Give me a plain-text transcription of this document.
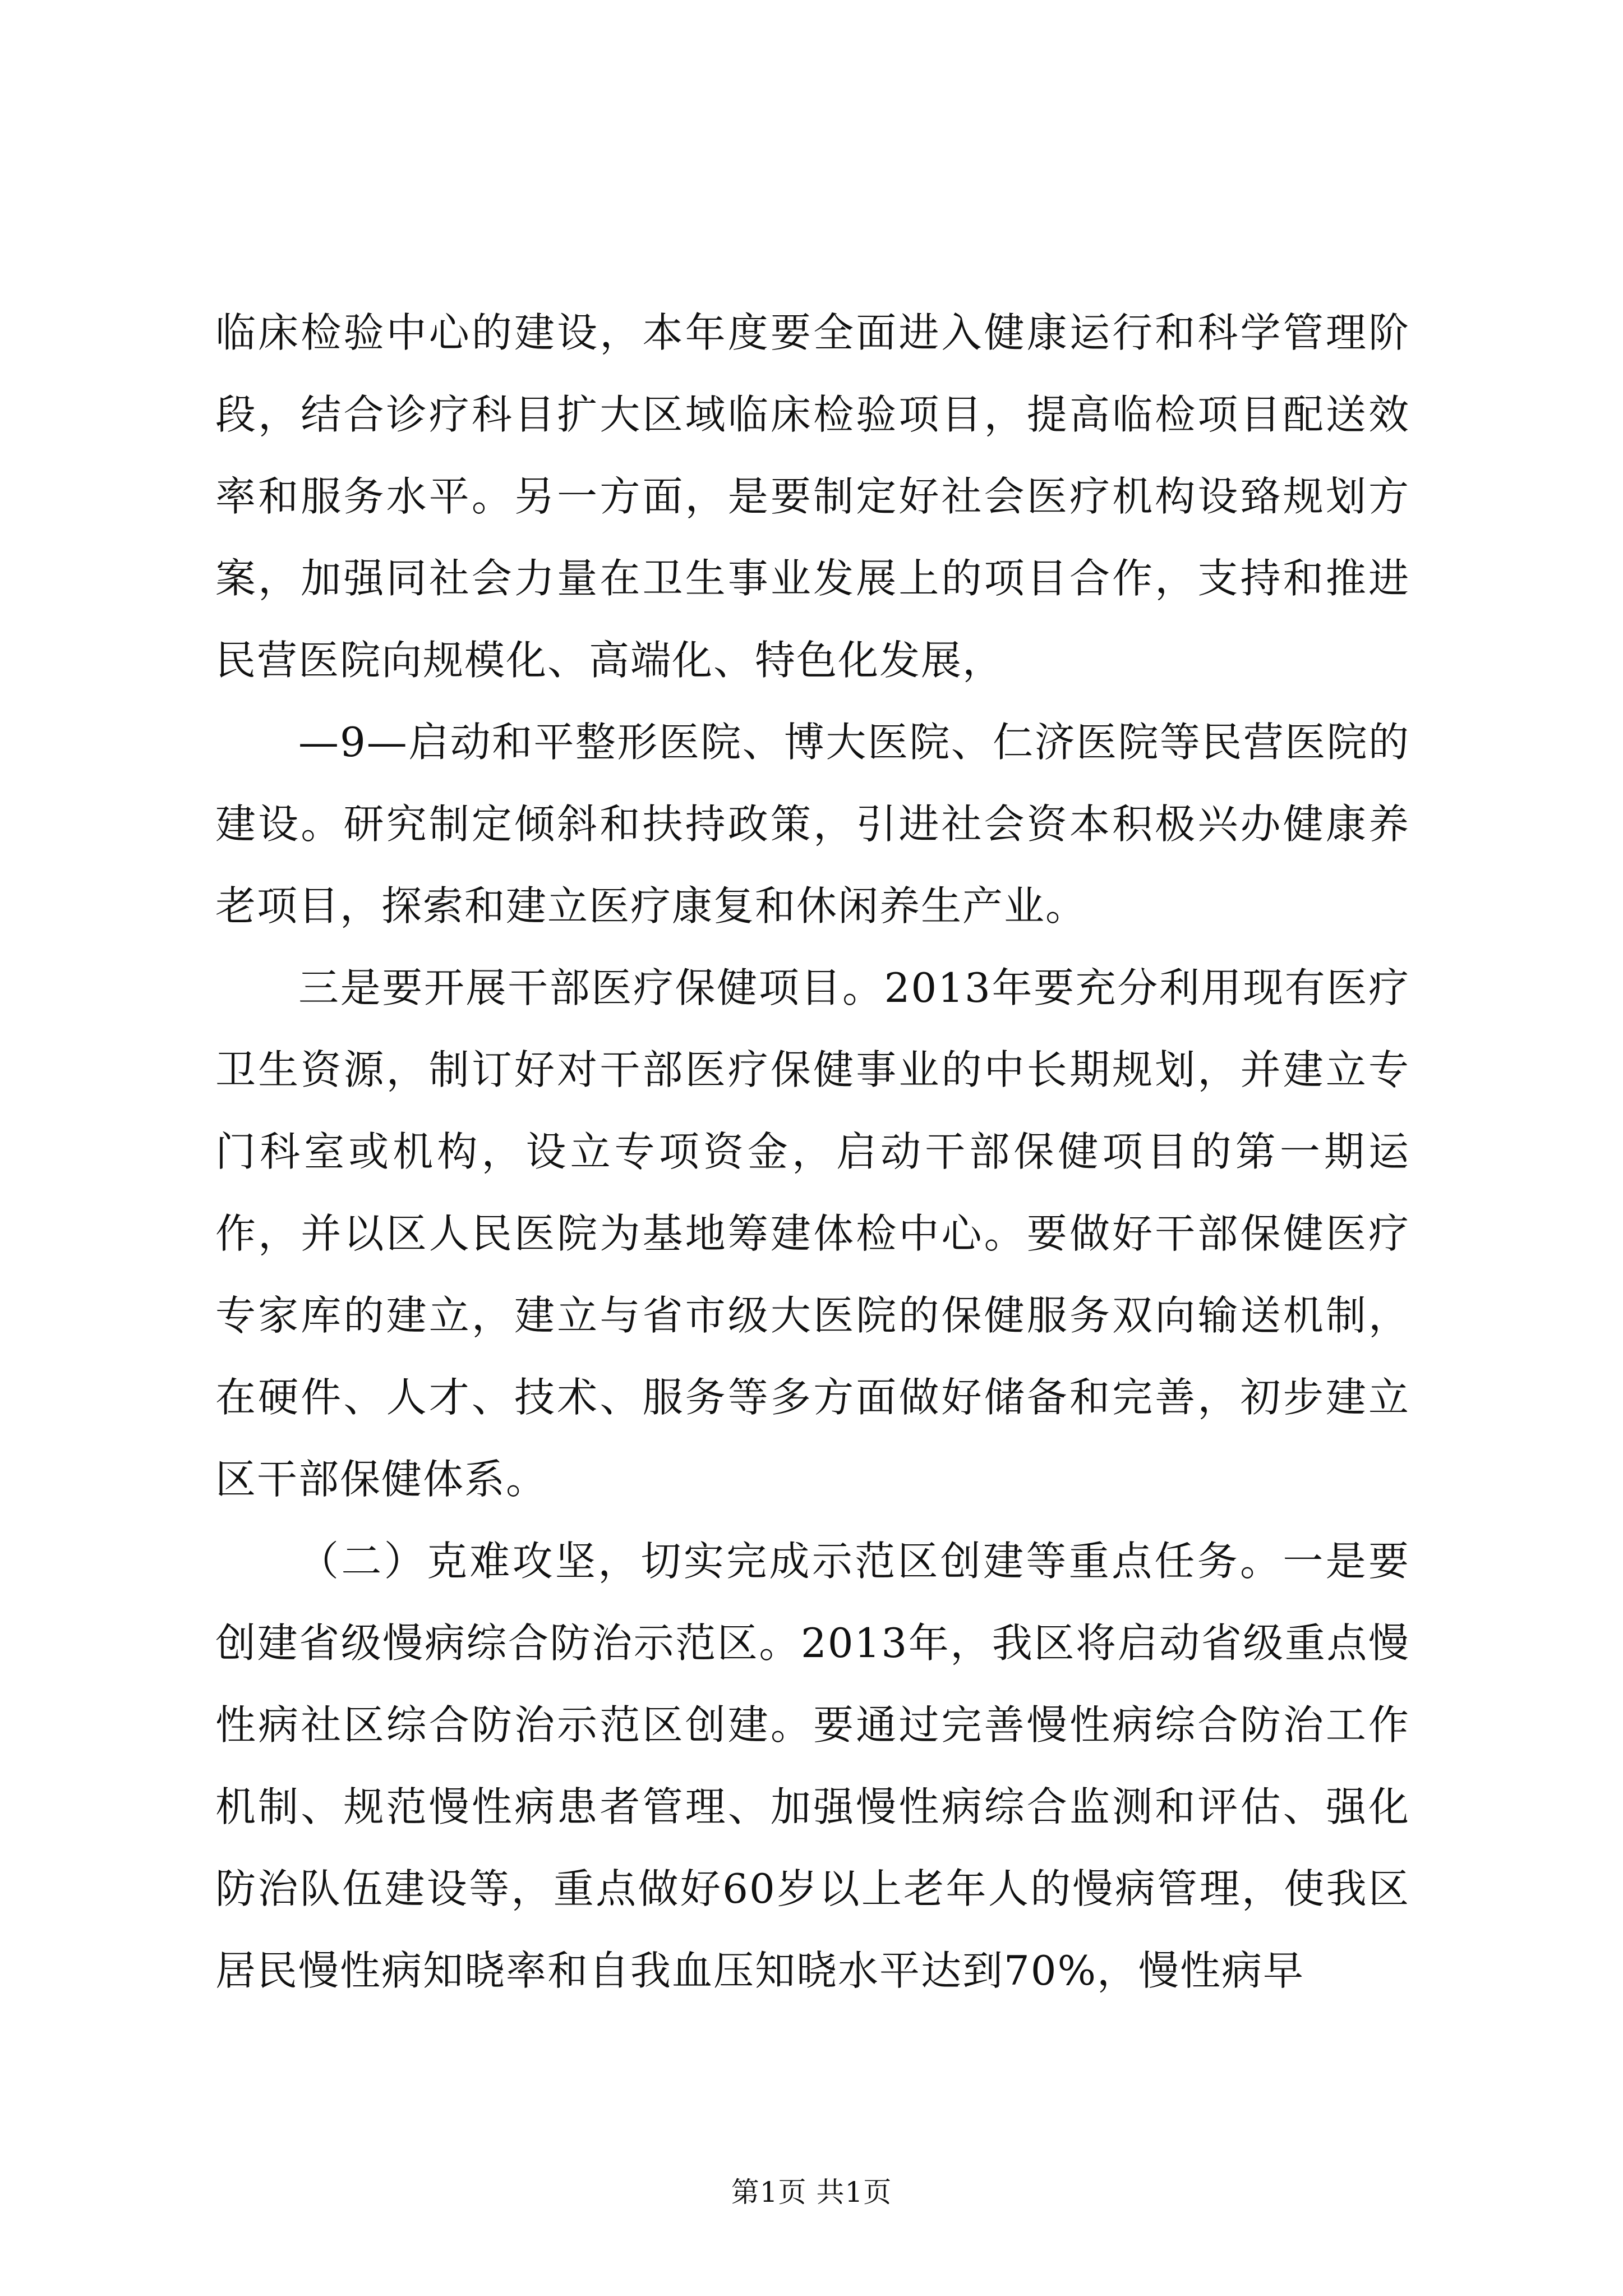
临床检验中心的建设，本年度要全面进入健康运行和科学管理阶段，结合诊疗科目扩大区域临床检验项目，提高临检项目配送效率和服务水平。另一方面，是要制定好社会医疗机构设臵规划方案，加强同社会力量在卫生事业发展上的项目合作，支持和推进民营医院向规模化、高端化、特色化发展，

—9—启动和平整形医院、博大医院、仁济医院等民营医院的建设。研究制定倾斜和扶持政策，引进社会资本积极兴办健康养老项目，探索和建立医疗康复和休闲养生产业。

三是要开展干部医疗保健项目。2013年要充分利用现有医疗卫生资源，制订好对干部医疗保健事业的中长期规划，并建立专门科室或机构，设立专项资金，启动干部保健项目的第一期运作，并以区人民医院为基地筹建体检中心。要做好干部保健医疗专家库的建立，建立与省市级大医院的保健服务双向输送机制，在硬件、人才、技术、服务等多方面做好储备和完善，初步建立区干部保健体系。

（二）克难攻坚，切实完成示范区创建等重点任务。一是要创建省级慢病综合防治示范区。2013年，我区将启动省级重点慢性病社区综合防治示范区创建。要通过完善慢性病综合防治工作机制、规范慢性病患者管理、加强慢性病综合监测和评估、强化防治队伍建设等，重点做好60岁以上老年人的慢病管理，使我区居民慢性病知晓率和自我血压知晓水平达到70%，慢性病早

第1页 共1页
